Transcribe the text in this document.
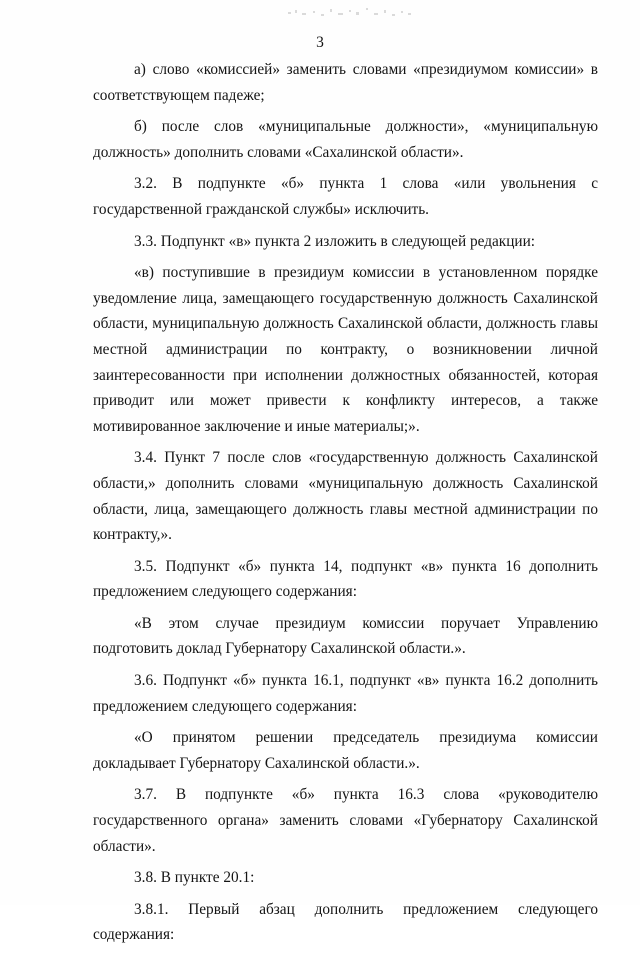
3

а) слово «комиссией» заменить словами «президиумом комиссии» в соответствующем падеже;

б) после слов «муниципальные должности», «муниципальную должность» дополнить словами «Сахалинской области».

3.2. В подпункте «б» пункта 1 слова «или увольнения с государственной гражданской службы» исключить.

3.3. Подпункт «в» пункта 2 изложить в следующей редакции:

«в) поступившие в президиум комиссии в установленном порядке уведомление лица, замещающего государственную должность Сахалинской области, муниципальную должность Сахалинской области, должность главы местной администрации по контракту, о возникновении личной заинтересованности при исполнении должностных обязанностей, которая приводит или может привести к конфликту интересов, а также мотивированное заключение и иные материалы;».

3.4. Пункт 7 после слов «государственную должность Сахалинской области,» дополнить словами «муниципальную должность Сахалинской области, лица, замещающего должность главы местной администрации по контракту,».

3.5. Подпункт «б» пункта 14, подпункт «в» пункта 16 дополнить предложением следующего содержания:

«В этом случае президиум комиссии поручает Управлению подготовить доклад Губернатору Сахалинской области.».

3.6. Подпункт «б» пункта 16.1, подпункт «в» пункта 16.2 дополнить предложением следующего содержания:

«О принятом решении председатель президиума комиссии докладывает Губернатору Сахалинской области.».

3.7. В подпункте «б» пункта 16.3 слова «руководителю государственного органа» заменить словами «Губернатору Сахалинской области».

3.8. В пункте 20.1:

3.8.1. Первый абзац дополнить предложением следующего содержания:
